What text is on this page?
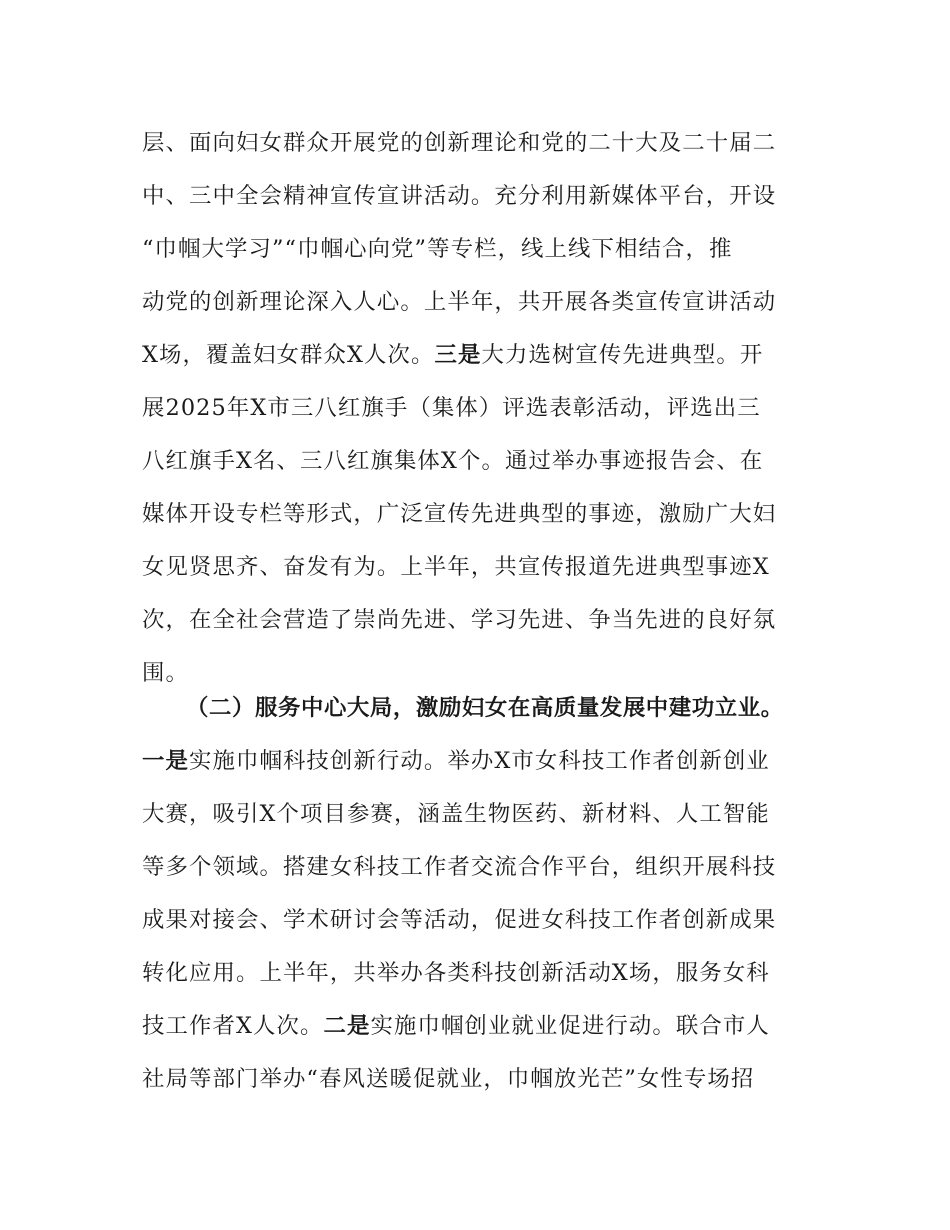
层、面向妇女群众开展党的创新理论和党的二十大及二十届二
中、三中全会精神宣传宣讲活动。充分利用新媒体平台，开设
“巾帼大学习”“巾帼心向党”等专栏，线上线下相结合，推
动党的创新理论深入人心。上半年，共开展各类宣传宣讲活动
X场，覆盖妇女群众X人次。三是大力选树宣传先进典型。开
展2025年X市三八红旗手（集体）评选表彰活动，评选出三
八红旗手X名、三八红旗集体X个。通过举办事迹报告会、在
媒体开设专栏等形式，广泛宣传先进典型的事迹，激励广大妇
女见贤思齐、奋发有为。上半年，共宣传报道先进典型事迹X
次，在全社会营造了崇尚先进、学习先进、争当先进的良好氛
围。
（二）服务中心大局，激励妇女在高质量发展中建功立业。
一是实施巾帼科技创新行动。举办X市女科技工作者创新创业
大赛，吸引X个项目参赛，涵盖生物医药、新材料、人工智能
等多个领域。搭建女科技工作者交流合作平台，组织开展科技
成果对接会、学术研讨会等活动，促进女科技工作者创新成果
转化应用。上半年，共举办各类科技创新活动X场，服务女科
技工作者X人次。二是实施巾帼创业就业促进行动。联合市人
社局等部门举办“春风送暖促就业，巾帼放光芒”女性专场招
